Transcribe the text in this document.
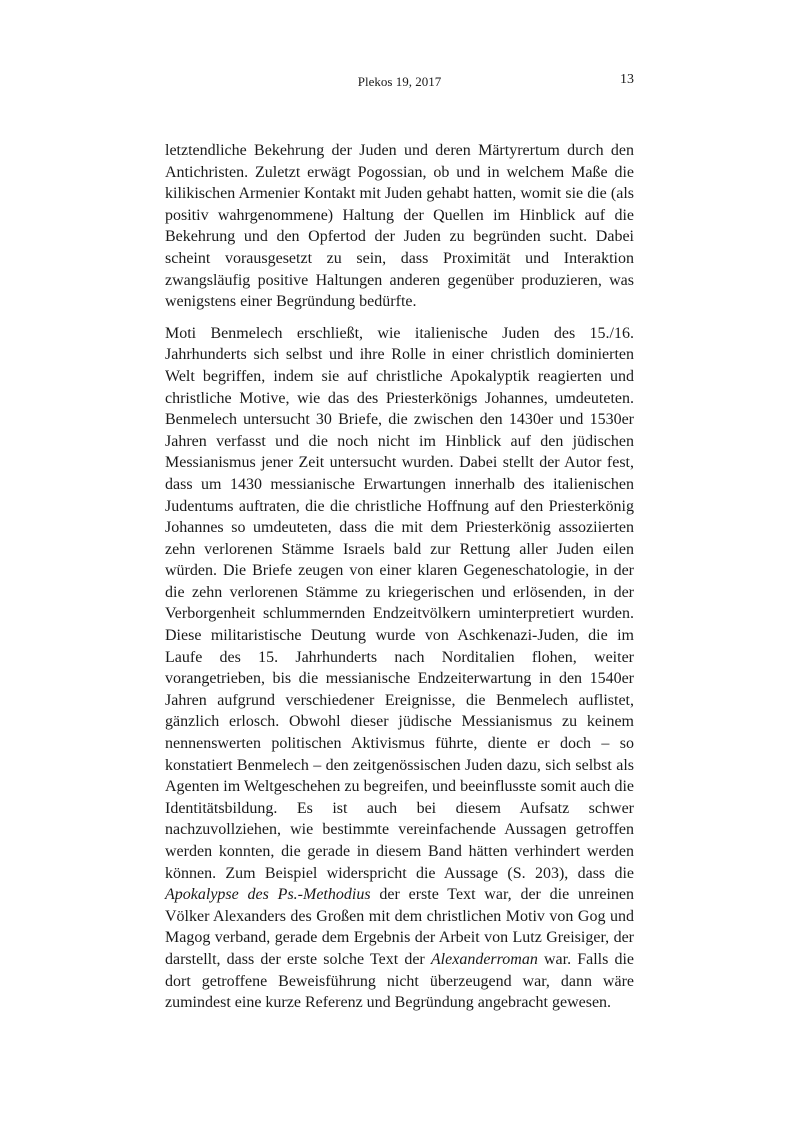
Plekos 19, 2017	13

letztendliche Bekehrung der Juden und deren Märtyrertum durch den Antichristen. Zuletzt erwägt Pogossian, ob und in welchem Maße die kilikischen Armenier Kontakt mit Juden gehabt hatten, womit sie die (als positiv wahrgenommene) Haltung der Quellen im Hinblick auf die Bekehrung und den Opfertod der Juden zu begründen sucht. Dabei scheint vorausgesetzt zu sein, dass Proximität und Interaktion zwangsläufig positive Haltungen anderen gegenüber produzieren, was wenigstens einer Begründung bedürfte.

Moti Benmelech erschließt, wie italienische Juden des 15./16. Jahrhunderts sich selbst und ihre Rolle in einer christlich dominierten Welt begriffen, indem sie auf christliche Apokalyptik reagierten und christliche Motive, wie das des Priesterkönigs Johannes, umdeuteten. Benmelech untersucht 30 Briefe, die zwischen den 1430er und 1530er Jahren verfasst und die noch nicht im Hinblick auf den jüdischen Messianismus jener Zeit untersucht wurden. Dabei stellt der Autor fest, dass um 1430 messianische Erwartungen innerhalb des italienischen Judentums auftraten, die die christliche Hoffnung auf den Priesterkönig Johannes so umdeuteten, dass die mit dem Priesterkönig assoziierten zehn verlorenen Stämme Israels bald zur Rettung aller Juden eilen würden. Die Briefe zeugen von einer klaren Gegeneschatologie, in der die zehn verlorenen Stämme zu kriegerischen und erlösenden, in der Verborgenheit schlummernden Endzeitvölkern uminterpretiert wurden. Diese militaristische Deutung wurde von Aschkenazi-Juden, die im Laufe des 15. Jahrhunderts nach Norditalien flohen, weiter vorangetrieben, bis die messianische Endzeiterwartung in den 1540er Jahren aufgrund verschiedener Ereignisse, die Benmelech auflistet, gänzlich erlosch. Obwohl dieser jüdische Messianismus zu keinem nennenswerten politischen Aktivismus führte, diente er doch – so konstatiert Benmelech – den zeitgenössischen Juden dazu, sich selbst als Agenten im Weltgeschehen zu begreifen, und beeinflusste somit auch die Identitätsbildung. Es ist auch bei diesem Aufsatz schwer nachzuvollziehen, wie bestimmte vereinfachende Aussagen getroffen werden konnten, die gerade in diesem Band hätten verhindert werden können. Zum Beispiel widerspricht die Aussage (S. 203), dass die Apokalypse des Ps.-Methodius der erste Text war, der die unreinen Völker Alexanders des Großen mit dem christlichen Motiv von Gog und Magog verband, gerade dem Ergebnis der Arbeit von Lutz Greisiger, der darstellt, dass der erste solche Text der Alexanderroman war. Falls die dort getroffene Beweisführung nicht überzeugend war, dann wäre zumindest eine kurze Referenz und Begründung angebracht gewesen.
